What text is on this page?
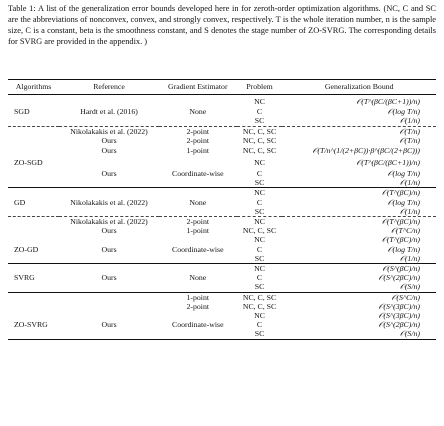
Table 1: A list of the generalization error bounds developed here in for zeroth-order optimization algorithms. (NC, C and SC are the abbreviations of nonconvex, convex, and strongly convex, respectively. T is the whole iteration number, n is the sample size, C is a constant, beta is the smoothness constant, and S denotes the stage number of ZO-SVRG. The corresponding details for SVRG are provided in the appendix. )
Algorithms	Reference	Gradient Estimator	Problem	Generalization Bound
			NC	𝒪(T^(βC/(βC+1))/n)
SGD	Hardt et al. (2016)	None	C	𝒪(log T/n)
			SC	𝒪(1/n)
	Nikolakakis et al. (2022)	2-point	NC, C, SC	𝒪(T/n)
	Ours	2-point	NC, C, SC	𝒪(T/n)
	Ours	1-point	NC, C, SC	𝒪(T/n^(1/(2+βC))·β^(βC/(2+βC)))
ZO-SGD			NC	𝒪(T^(βC/(βC+1))/n)
	Ours	Coordinate-wise	C	𝒪(log T/n)
			SC	𝒪(1/n)
			NC	𝒪(T^(βC)/n)
GD	Nikolakakis et al. (2022)	None	C	𝒪(log T/n)
			SC	𝒪(1/n)
	Nikolakakis et al. (2022)	2-point	NC	𝒪(T^(βC)/n)
	Ours	1-point	NC, C, SC	𝒪(T^C/n)
			NC	𝒪(T^(βC)/n)
ZO-GD	Ours	Coordinate-wise	C	𝒪(log T/n)
			SC	𝒪(1/n)
			NC	𝒪(S^(βC)/n)
SVRG	Ours	None	C	𝒪(S^(2βC)/n)
			SC	𝒪(S/n)
		1-point	NC, C, SC	𝒪(S^C/n)
		2-point	NC, C, SC	𝒪(S^(3βC)/n)
			NC	𝒪(S^(3βC)/n)
ZO-SVRG	Ours	Coordinate-wise	C	𝒪(S^(2βC)/n)
			SC	𝒪(S/n)
